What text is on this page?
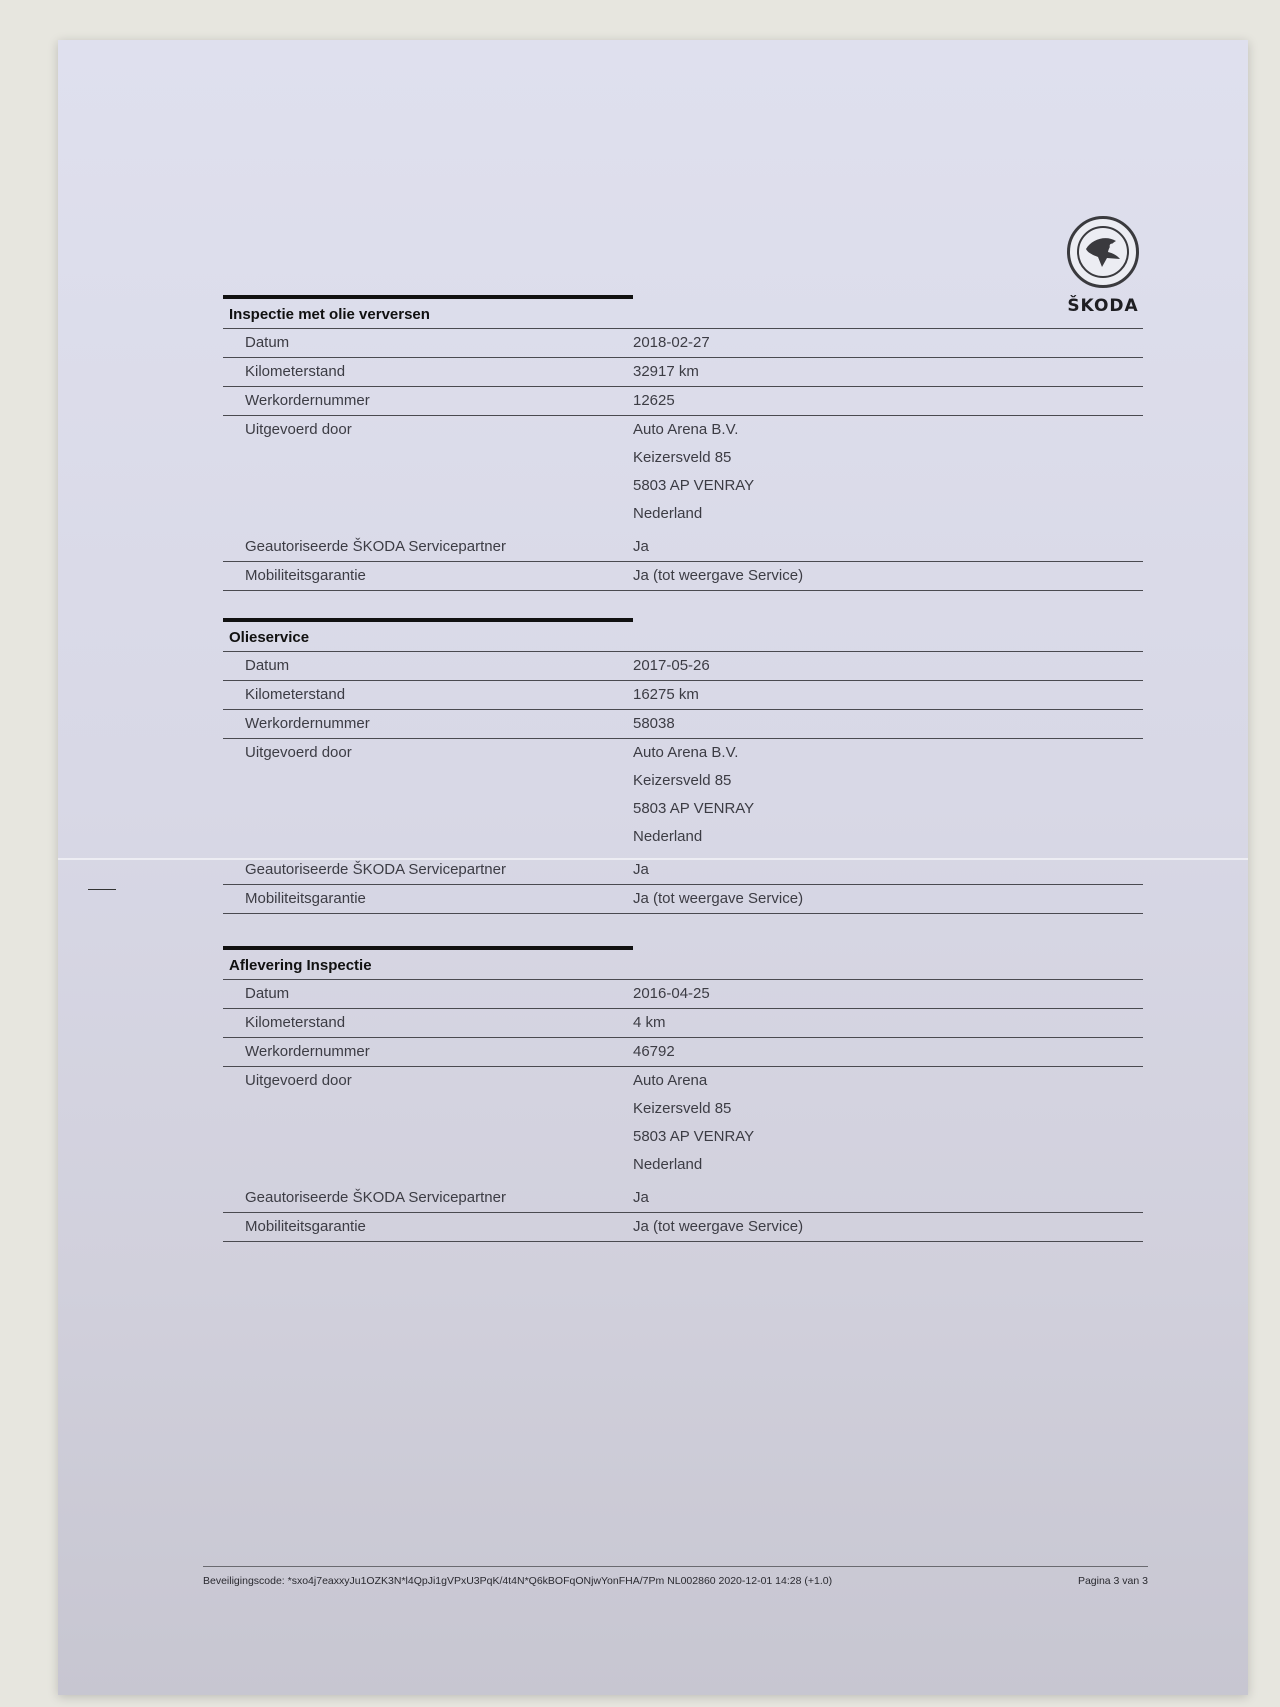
ŠKODA
Inspectie met olie verversen
Datum	2018-02-27
Kilometerstand	32917 km
Werkordernummer	12625
Uitgevoerd door	Auto Arena B.V.
Keizersveld 85
5803 AP VENRAY
Nederland
Geautoriseerde ŠKODA Servicepartner	Ja
Mobiliteitsgarantie	Ja (tot weergave Service)
Olieservice
Datum	2017-05-26
Kilometerstand	16275 km
Werkordernummer	58038
Uitgevoerd door	Auto Arena B.V.
Keizersveld 85
5803 AP VENRAY
Nederland
Geautoriseerde ŠKODA Servicepartner	Ja
Mobiliteitsgarantie	Ja (tot weergave Service)
Aflevering Inspectie
Datum	2016-04-25
Kilometerstand	4 km
Werkordernummer	46792
Uitgevoerd door	Auto Arena
Keizersveld 85
5803 AP VENRAY
Nederland
Geautoriseerde ŠKODA Servicepartner	Ja
Mobiliteitsgarantie	Ja (tot weergave Service)
Beveiligingscode: *sxo4j7eaxxyJu1OZK3N*l4QpJi1gVPxU3PqK/4t4N*Q6kBOFqONjwYonFHA/7Pm NL002860 2020-12-01 14:28 (+1.0)	Pagina 3 van 3
